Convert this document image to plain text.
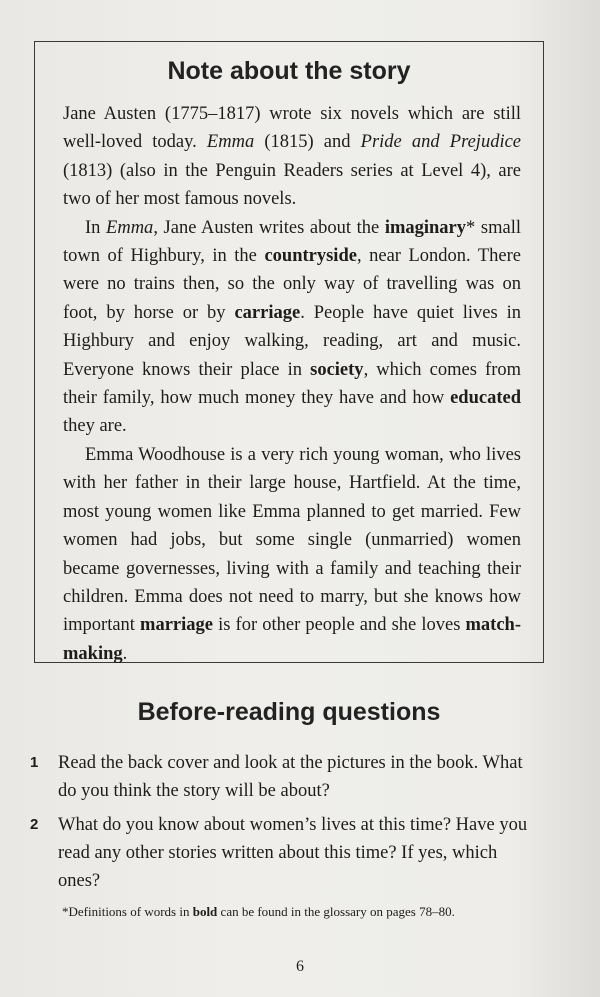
Note about the story

Jane Austen (1775–1817) wrote six novels which are still well-loved today. Emma (1815) and Pride and Prejudice (1813) (also in the Penguin Readers series at Level 4), are two of her most famous novels.

In Emma, Jane Austen writes about the imaginary* small town of Highbury, in the countryside, near London. There were no trains then, so the only way of travelling was on foot, by horse or by carriage. People have quiet lives in Highbury and enjoy walking, reading, art and music. Everyone knows their place in society, which comes from their family, how much money they have and how educated they are.

Emma Woodhouse is a very rich young woman, who lives with her father in their large house, Hartfield. At the time, most young women like Emma planned to get married. Few women had jobs, but some single (unmarried) women became governesses, living with a family and teaching their children. Emma does not need to marry, but she knows how important marriage is for other people and she loves match-making.

Before-reading questions
1 Read the back cover and look at the pictures in the book. What do you think the story will be about?
2 What do you know about women’s lives at this time? Have you read any other stories written about this time? If yes, which ones?
*Definitions of words in bold can be found in the glossary on pages 78–80.
6
